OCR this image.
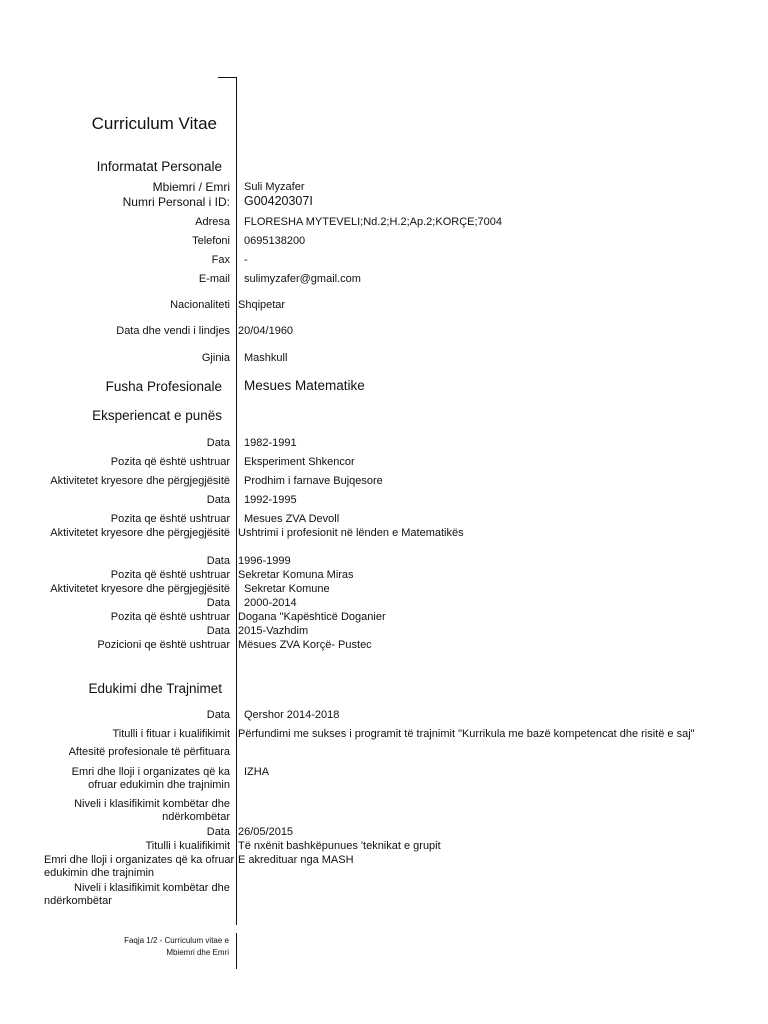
Curriculum Vitae
Informatat Personale
Mbiemri / Emri Suli Myzafer
Numri Personal i ID: G00420307I
Adresa FLORESHA MYTEVELI;Nd.2;H.2;Ap.2;KORÇE;7004
Telefoni 0695138200
Fax -
E-mail sulimyzafer@gmail.com
Nacionaliteti Shqipetar
Data dhe vendi i lindjes 20/04/1960
Gjinia Mashkull
Fusha Profesionale Mesues Matematike
Eksperiencat e punës
Data 1982-1991
Pozita që është ushtruar Eksperiment Shkencor
Aktivitetet kryesore dhe përgjegjësitë Prodhim i farnave Bujqesore
Data 1992-1995
Pozita qe është ushtruar Mesues ZVA Devoll
Aktivitetet kryesore dhe përgjegjësitë Ushtrimi i profesionit në lënden e Matematikës
Data 1996-1999
Pozita që është ushtruar Sekretar Komuna Miras
Aktivitetet kryesore dhe përgjegjësitë Sekretar Komune
Data 2000-2014
Pozita që është ushtruar Dogana "Kapështicë Doganier
Data 2015-Vazhdim
Pozicioni qe është ushtruar Mësues ZVA Korçë- Pustec
Edukimi dhe Trajnimet
Data Qershor 2014-2018
Titulli i fituar i kualifikimit Përfundimi me sukses i programit të trajnimit "Kurrikula me bazë kompetencat dhe risitë e saj"
Aftesitë profesionale të përfituara
Emri dhe lloji i organizates që ka ofruar edukimin dhe trajnimin
IZHA
Niveli i klasifikimit kombëtar dhe ndërkombëtar
Data 26/05/2015
Titulli i kualifikimit Të nxënit bashkëpunues 'teknikat e grupit
Emri dhe lloji i organizates që ka ofruar edukimin dhe trajnimin
E akredituar nga MASH
Niveli i klasifikimit kombëtar dhe ndërkombëtar
Faqja 1/2 - Curriculum vitae e
Mbiemri dhe Emri
